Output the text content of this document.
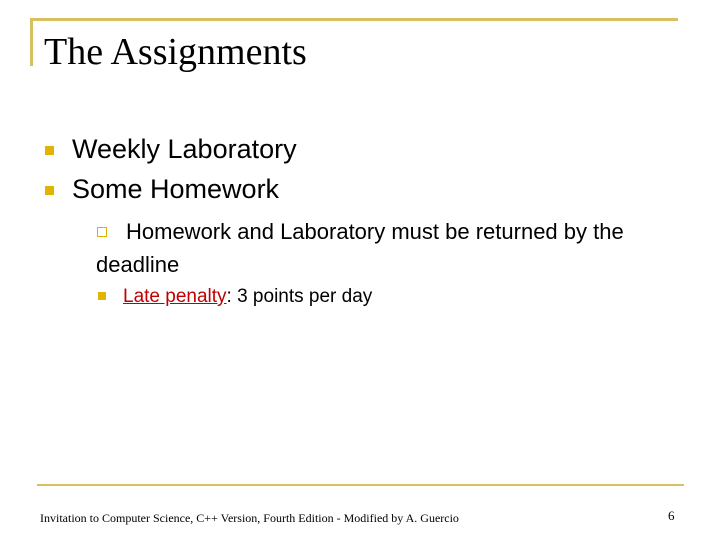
The Assignments
Weekly Laboratory
Some Homework
Homework and Laboratory must be returned by the deadline
Late penalty: 3 points per day
Invitation to Computer Science, C++ Version, Fourth Edition - Modified by A. Guercio	6
